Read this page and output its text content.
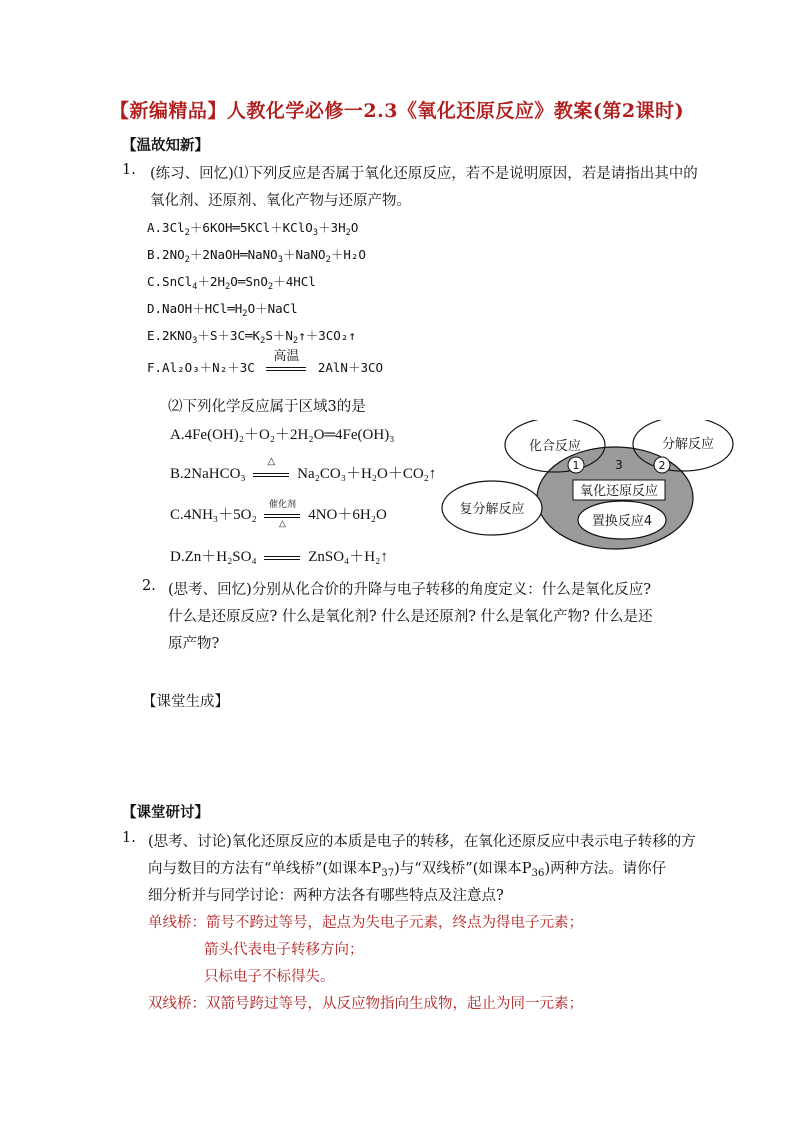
【新编精品】人教化学必修一2.3《氧化还原反应》教案(第2课时)
【温故知新】
1. (练习、回忆)⑴下列反应是否属于氧化还原反应，若不是说明原因，若是请指出其中的
氧化剂、还原剂、氧化产物与还原产物。
$A.3Cl_2+6KOH═5KCl+KClO_3+3H_2O$
$B.2NO_2+2NaOH═NaNO_3+NaNO_2+H_2O$
$C.SnCl_4+2H_2O═SnO_2+4HCl$
$D.NaOH+HCl═H_2O+NaCl$
$E.2KNO_3+S+3C═K_2S+N_2↑+3CO_2↑$
F.Al₂O₃＋N₂＋3C
高温
2AlN＋3CO
⑵下列化学反应属于区域3的是
A.4Fe(OH)₂＋O₂＋2H₂O═4Fe(OH)₃
B.2NaHCO₃
△
Na₂CO₃＋H₂O＋CO₂↑
C.4NH₃＋5O₂
催化剂
△	4NO＋6H₂O
D.Zn＋H₂SO₄	ZnSO₄＋H₂↑
化合反应	分解反应
复分解反应
氧化还原反应
置换反应4
1	2
3
2. (思考、回忆)分别从化合价的升降与电子转移的角度定义：什么是氧化反应?
什么是还原反应? 什么是氧化剂? 什么是还原剂? 什么是氧化产物? 什么是还
原产物?
【课堂生成】
【课堂研讨】
1. (思考、讨论)氧化还原反应的本质是电子的转移，在氧化还原反应中表示电子转移的方
向与数目的方法有“单线桥”(如课本$P_{37}$)与“双线桥”(如课本$P_{36}$)两种方法。请你仔
细分析并与同学讨论：两种方法各有哪些特点及注意点?
单线桥：箭号不跨过等号，起点为失电子元素，终点为得电子元素；
箭头代表电子转移方向；
只标电子不标得失。
双线桥：双箭号跨过等号，从反应物指向生成物，起止为同一元素；
